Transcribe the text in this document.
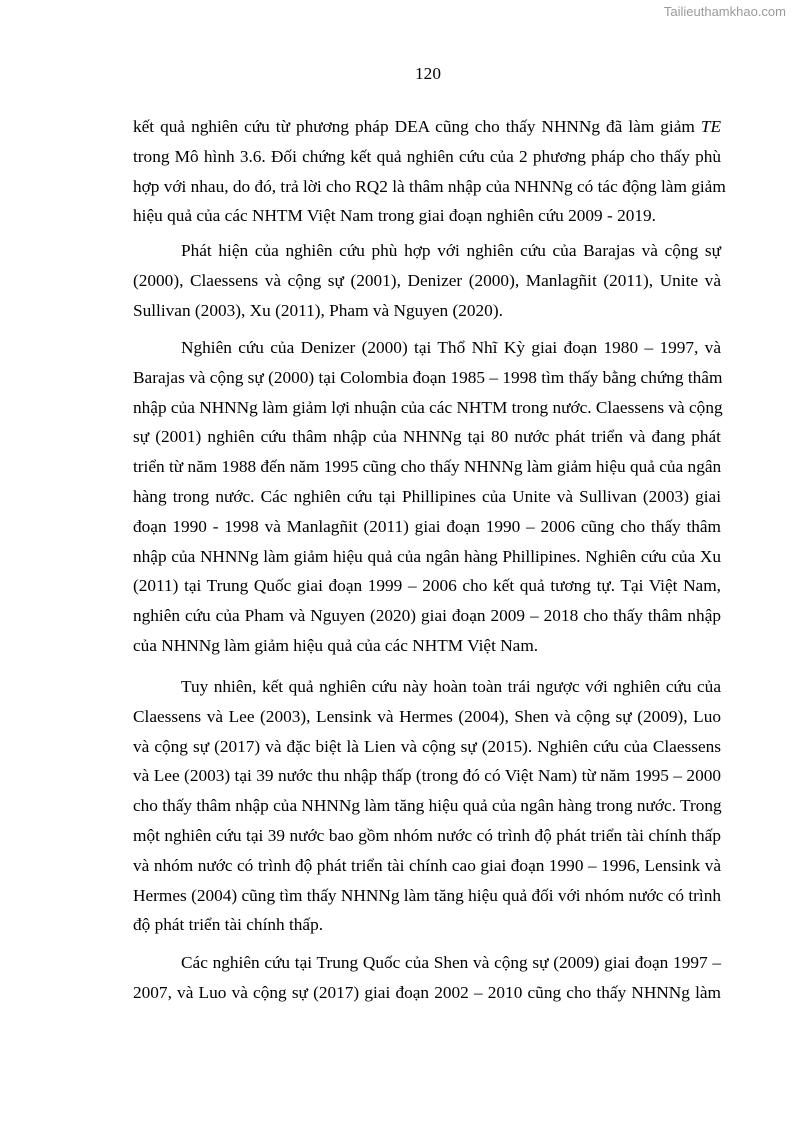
Tailieuthamkhao.com
120
kết quả nghiên cứu từ phương pháp DEA cũng cho thấy NHNNg đã làm giảm TE
trong Mô hình 3.6. Đối chứng kết quả nghiên cứu của 2 phương pháp cho thấy phù
hợp với nhau, do đó, trả lời cho RQ2 là thâm nhập của NHNNg có tác động làm giảm
hiệu quả của các NHTM Việt Nam trong giai đoạn nghiên cứu 2009 - 2019.
Phát hiện của nghiên cứu phù hợp với nghiên cứu của Barajas và cộng sự
(2000), Claessens và cộng sự (2001), Denizer (2000), Manlagñit (2011), Unite và
Sullivan (2003), Xu (2011), Pham và Nguyen (2020).
Nghiên cứu của Denizer (2000) tại Thổ Nhĩ Kỳ giai đoạn 1980 – 1997, và
Barajas và cộng sự (2000) tại Colombia đoạn 1985 – 1998 tìm thấy bằng chứng thâm
nhập của NHNNg làm giảm lợi nhuận của các NHTM trong nước. Claessens và cộng
sự (2001) nghiên cứu thâm nhập của NHNNg tại 80 nước phát triển và đang phát
triển từ năm 1988 đến năm 1995 cũng cho thấy NHNNg làm giảm hiệu quả của ngân
hàng trong nước. Các nghiên cứu tại Phillipines của Unite và Sullivan (2003) giai
đoạn 1990 - 1998 và Manlagñit (2011) giai đoạn 1990 – 2006 cũng cho thấy thâm
nhập của NHNNg làm giảm hiệu quả của ngân hàng Phillipines. Nghiên cứu của Xu
(2011) tại Trung Quốc giai đoạn 1999 – 2006 cho kết quả tương tự. Tại Việt Nam,
nghiên cứu của Pham và Nguyen (2020) giai đoạn 2009 – 2018 cho thấy thâm nhập
của NHNNg làm giảm hiệu quả của các NHTM Việt Nam.
Tuy nhiên, kết quả nghiên cứu này hoàn toàn trái ngược với nghiên cứu của
Claessens và Lee (2003), Lensink và Hermes (2004), Shen và cộng sự (2009), Luo
và cộng sự (2017) và đặc biệt là Lien và cộng sự (2015). Nghiên cứu của Claessens
và Lee (2003) tại 39 nước thu nhập thấp (trong đó có Việt Nam) từ năm 1995 – 2000
cho thấy thâm nhập của NHNNg làm tăng hiệu quả của ngân hàng trong nước. Trong
một nghiên cứu tại 39 nước bao gồm nhóm nước có trình độ phát triển tài chính thấp
và nhóm nước có trình độ phát triển tài chính cao giai đoạn 1990 – 1996, Lensink và
Hermes (2004) cũng tìm thấy NHNNg làm tăng hiệu quả đối với nhóm nước có trình
độ phát triển tài chính thấp.
Các nghiên cứu tại Trung Quốc của Shen và cộng sự (2009) giai đoạn 1997 –
2007, và Luo và cộng sự (2017) giai đoạn 2002 – 2010 cũng cho thấy NHNNg làm
